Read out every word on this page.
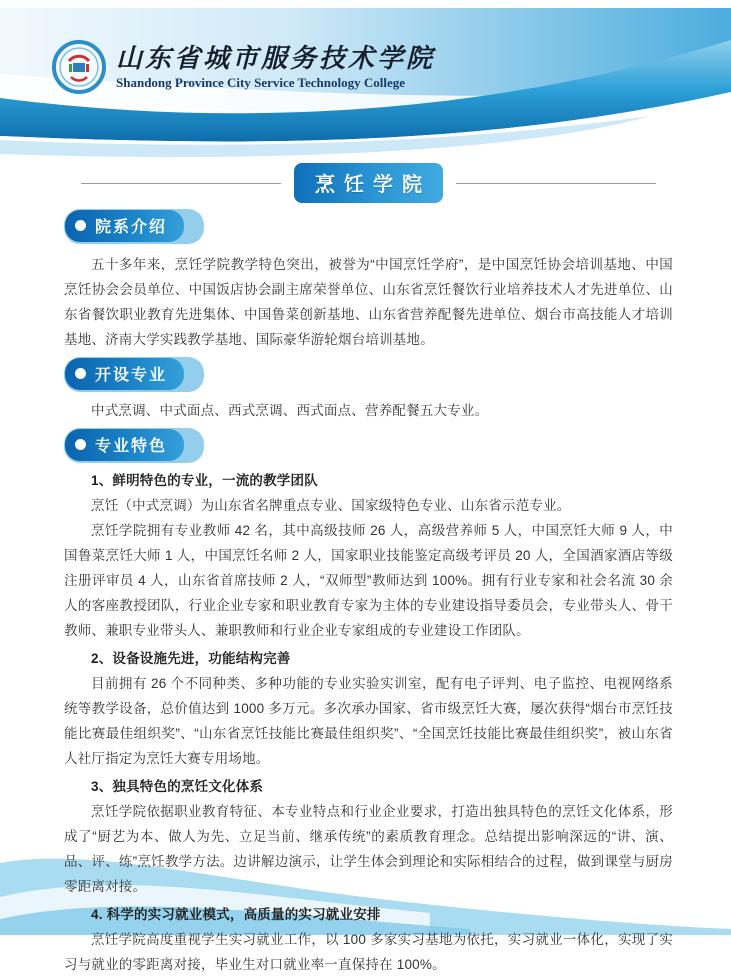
山东省城市服务技术学院
Shandong Province City Service Technology College
烹饪学院
院系介绍

五十多年来，烹饪学院教学特色突出，被誉为“中国烹饪学府”，是中国烹饪协会培训基地、中国烹饪协会会员单位、中国饭店协会副主席荣誉单位、山东省烹饪餐饮行业培养技术人才先进单位、山东省餐饮职业教育先进集体、中国鲁菜创新基地、山东省营养配餐先进单位、烟台市高技能人才培训基地、济南大学实践教学基地、国际豪华游轮烟台培训基地。

开设专业

中式烹调、中式面点、西式烹调、西式面点、营养配餐五大专业。

专业特色

1、鲜明特色的专业，一流的教学团队

烹饪（中式烹调）为山东省名牌重点专业、国家级特色专业、山东省示范专业。

烹饪学院拥有专业教师 42 名，其中高级技师 26 人，高级营养师 5 人，中国烹饪大师 9 人，中国鲁菜烹饪大师 1 人，中国烹饪名师 2 人，国家职业技能鉴定高级考评员 20 人，全国酒家酒店等级注册评审员 4 人，山东省首席技师 2 人，“双师型”教师达到 100%。拥有行业专家和社会名流 30 余人的客座教授团队，行业企业专家和职业教育专家为主体的专业建设指导委员会，专业带头人、骨干教师、兼职专业带头人、兼职教师和行业企业专家组成的专业建设工作团队。

2、设备设施先进，功能结构完善

目前拥有 26 个不同种类、多种功能的专业实验实训室，配有电子评判、电子监控、电视网络系统等教学设备，总价值达到 1000 多万元。多次承办国家、省市级烹饪大赛，屡次获得“烟台市烹饪技能比赛最佳组织奖”、“山东省烹饪技能比赛最佳组织奖”、“全国烹饪技能比赛最佳组织奖”，被山东省人社厅指定为烹饪大赛专用场地。

3、独具特色的烹饪文化体系

烹饪学院依据职业教育特征、本专业特点和行业企业要求，打造出独具特色的烹饪文化体系，形成了“厨艺为本、做人为先、立足当前、继承传统”的素质教育理念。总结提出影响深远的“讲、演、品、评、练”烹饪教学方法。边讲解边演示，让学生体会到理论和实际相结合的过程，做到课堂与厨房零距离对接。

4. 科学的实习就业模式，高质量的实习就业安排

烹饪学院高度重视学生实习就业工作，以 100 多家实习基地为依托，实习就业一体化，实现了实习与就业的零距离对接，毕业生对口就业率一直保持在 100%。
